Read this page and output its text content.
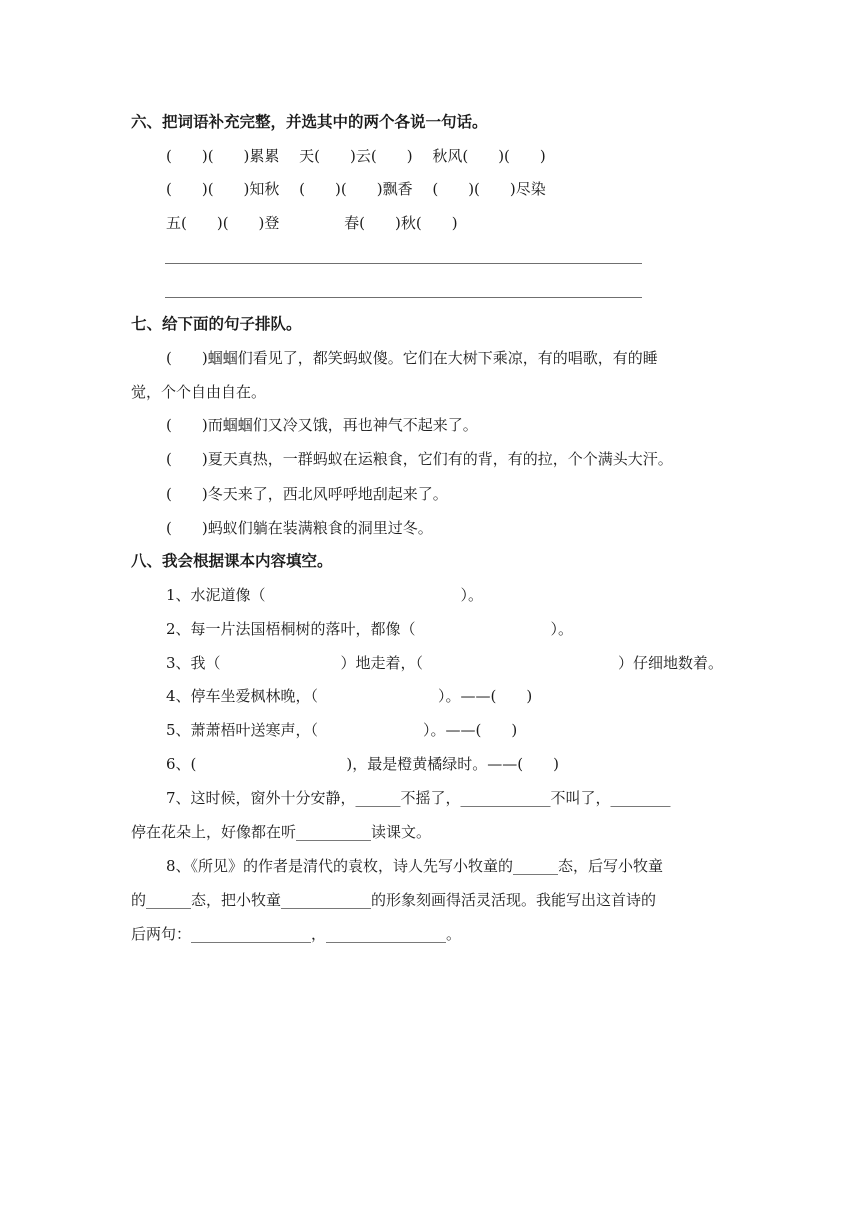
六、把词语补充完整，并选其中的两个各说一句话。
(　　)(　　)累累　 天(　　)云(　　)　 秋风(　　)(　　)
(　　)(　　)知秋　 (　　)(　　)飘香　 (　　)(　　)尽染
五(　　)(　　)登　　　　 春(　　)秋(　　)
七、给下面的句子排队。
(　　)蝈蝈们看见了，都笑蚂蚁傻。它们在大树下乘凉，有的唱歌，有的睡
觉，个个自由自在。
(　　)而蝈蝈们又冷又饿，再也神气不起来了。
(　　)夏天真热，一群蚂蚁在运粮食，它们有的背，有的拉，个个满头大汗。
(　　)冬天来了，西北风呼呼地刮起来了。
(　　)蚂蚁们躺在装满粮食的洞里过冬。
八、我会根据课本内容填空。
1、水泥道像（　　　　　　　　　　　　　）。
2、每一片法国梧桐树的落叶，都像（　　　　　　　　　）。
3、我（　　　　　　　　）地走着，（　　　　　　　　　　　　　）仔细地数着。
4、停车坐爱枫林晚，（　　　　　　　　）。——(　　)
5、萧萧梧叶送寒声，（　　　　　　　）。——(　　)
6、(　　　　　　　　　　)，最是橙黄橘绿时。——(　　)
7、这时候，窗外十分安静，______不摇了，____________不叫了，________
停在花朵上，好像都在听__________读课文。
8、《所见》的作者是清代的袁枚，诗人先写小牧童的______态，后写小牧童
的______态，把小牧童____________的形象刻画得活灵活现。我能写出这首诗的
后两句：________________，________________。
